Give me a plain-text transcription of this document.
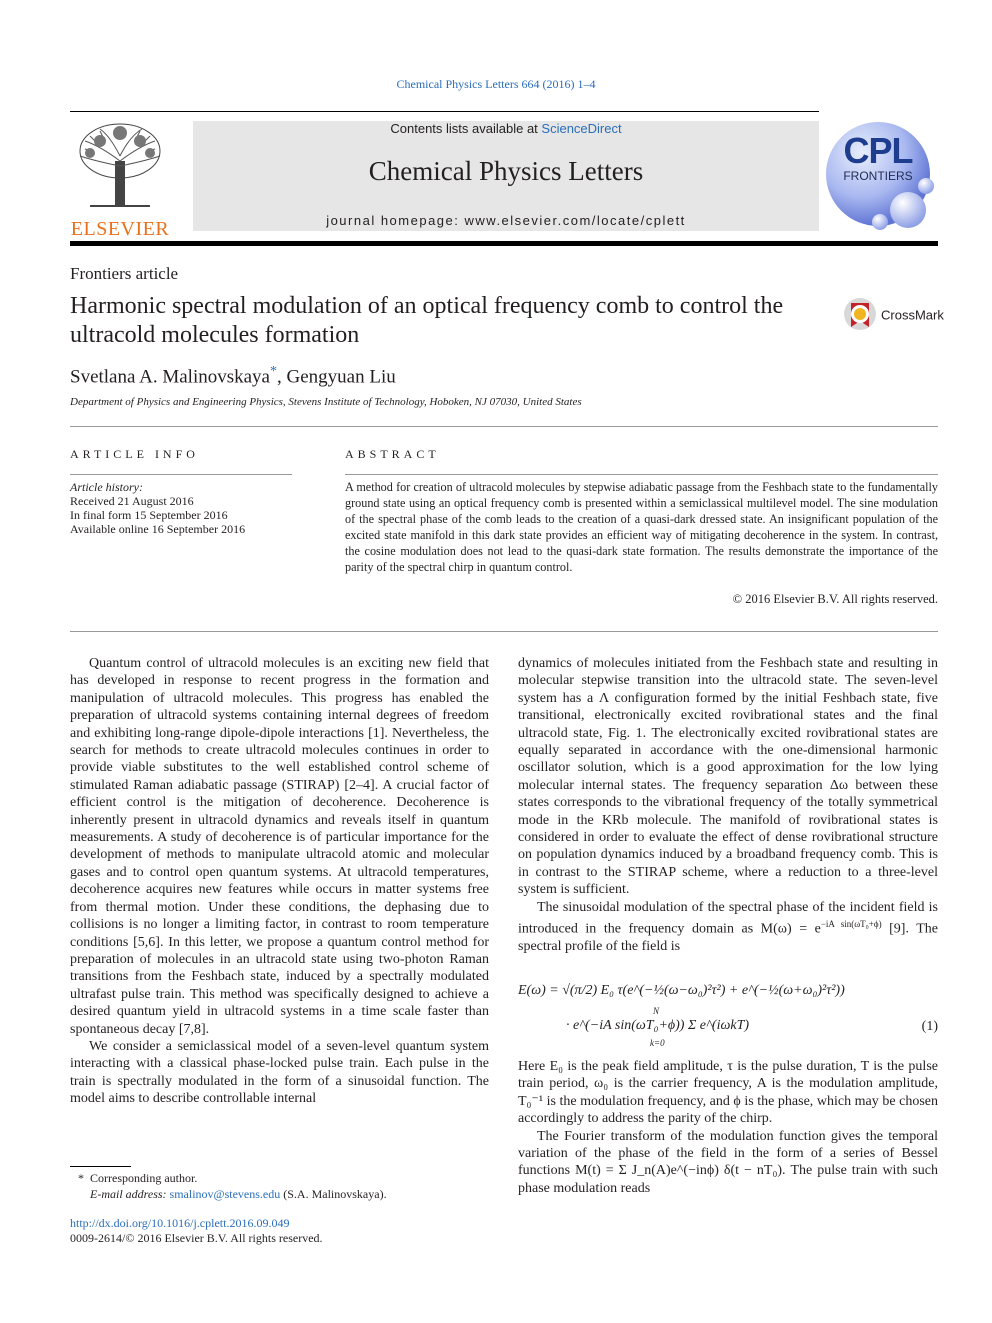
Chemical Physics Letters 664 (2016) 1–4
ELSEVIER
Contents lists available at ScienceDirect
Chemical Physics Letters
journal homepage: www.elsevier.com/locate/cplett
CPL
FRONTIERS
Frontiers article
Harmonic spectral modulation of an optical frequency comb to control the ultracold molecules formation
CrossMark
Svetlana A. Malinovskaya*, Gengyuan Liu
Department of Physics and Engineering Physics, Stevens Institute of Technology, Hoboken, NJ 07030, United States
ARTICLE INFO
Article history:
Received 21 August 2016
In final form 15 September 2016
Available online 16 September 2016
ABSTRACT
A method for creation of ultracold molecules by stepwise adiabatic passage from the Feshbach state to the fundamentally ground state using an optical frequency comb is presented within a semiclassical multilevel model. The sine modulation of the spectral phase of the comb leads to the creation of a quasi-dark dressed state. An insignificant population of the excited state manifold in this dark state provides an efficient way of mitigating decoherence in the system. In contrast, the cosine modulation does not lead to the quasi-dark state formation. The results demonstrate the importance of the parity of the spectral chirp in quantum control.
© 2016 Elsevier B.V. All rights reserved.

Quantum control of ultracold molecules is an exciting new field that has developed in response to recent progress in the formation and manipulation of ultracold molecules. This progress has enabled the preparation of ultracold systems containing internal degrees of freedom and exhibiting long-range dipole-dipole interactions [1]. Nevertheless, the search for methods to create ultracold molecules continues in order to provide viable substitutes to the well established control scheme of stimulated Raman adiabatic passage (STIRAP) [2–4]. A crucial factor of efficient control is the mitigation of decoherence. Decoherence is inherently present in ultracold dynamics and reveals itself in quantum measurements. A study of decoherence is of particular importance for the development of methods to manipulate ultracold atomic and molecular gases and to control open quantum systems. At ultracold temperatures, decoherence acquires new features while occurs in matter systems free from thermal motion. Under these conditions, the dephasing due to collisions is no longer a limiting factor, in contrast to room temperature conditions [5,6]. In this letter, we propose a quantum control method for preparation of molecules in an ultracold state using two-photon Raman transitions from the Feshbach state, induced by a spectrally modulated ultrafast pulse train. This method was specifically designed to achieve a desired quantum yield in ultracold systems in a time scale faster than spontaneous decay [7,8].

We consider a semiclassical model of a seven-level quantum system interacting with a classical phase-locked pulse train. Each pulse in the train is spectrally modulated in the form of a sinusoidal function. The model aims to describe controllable internal

* Corresponding author.
E-mail address: smalinov@stevens.edu (S.A. Malinovskaya).
http://dx.doi.org/10.1016/j.cplett.2016.09.049
0009-2614/© 2016 Elsevier B.V. All rights reserved.

dynamics of molecules initiated from the Feshbach state and resulting in molecular stepwise transition into the ultracold state. The seven-level system has a Λ configuration formed by the initial Feshbach state, five transitional, electronically excited rovibrational states and the final ultracold state, Fig. 1. The electronically excited rovibrational states are equally separated in accordance with the one-dimensional harmonic oscillator solution, which is a good approximation for the low lying molecular internal states. The frequency separation Δω between these states corresponds to the vibrational frequency of the totally symmetrical mode in the KRb molecule. The manifold of rovibrational states is considered in order to evaluate the effect of dense rovibrational structure on population dynamics induced by a broadband frequency comb. This is in contrast to the STIRAP scheme, where a reduction to a three-level system is sufficient.

The sinusoidal modulation of the spectral phase of the incident field is introduced in the frequency domain as $M(\omega) = e^{-iA sin(\omega T_0+\phi)}$ [9]. The spectral profile of the field is

E(ω) = √(π/2) E₀ τ(e^(−½(ω−ω₀)²τ²) + e^(−½(ω+ω₀)²τ²))
· e^(−iA sin(ωT₀+ϕ)) Σ e^(iωkT)
N
k=0
(1)

Here E₀ is the peak field amplitude, τ is the pulse duration, T is the pulse train period, ω₀ is the carrier frequency, A is the modulation amplitude, T₀⁻¹ is the modulation frequency, and ϕ is the phase, which may be chosen accordingly to address the parity of the chirp.

The Fourier transform of the modulation function gives the temporal variation of the phase of the field in the form of a series of Bessel functions M(t) = Σ J_n(A)e^(−inϕ) δ(t − nT₀). The pulse train with such phase modulation reads
